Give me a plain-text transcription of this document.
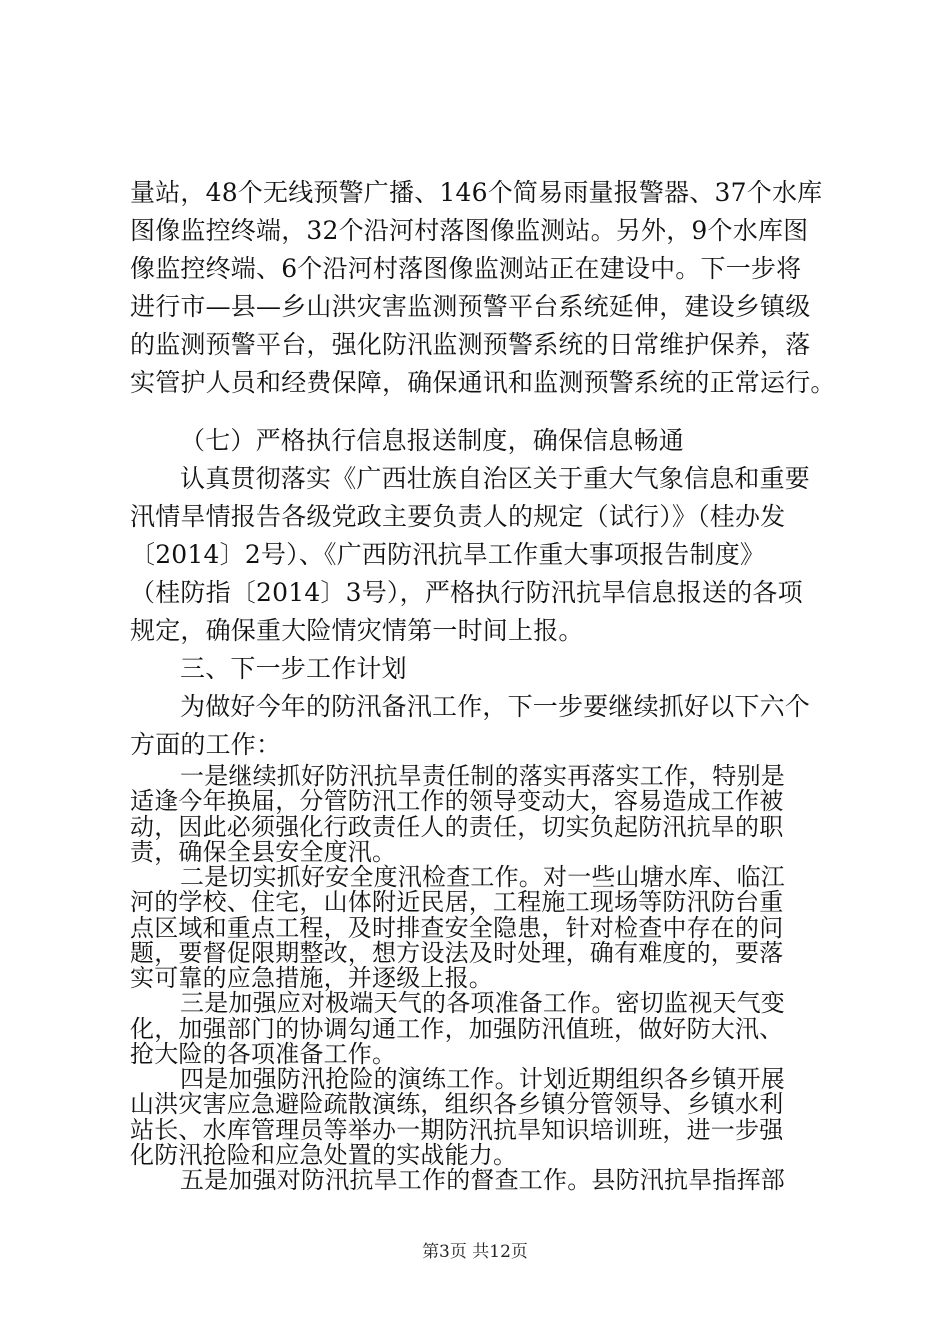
量站，48个无线预警广播、146个简易雨量报警器、37个水库
图像监控终端，32个沿河村落图像监测站。另外，9个水库图
像监控终端、6个沿河村落图像监测站正在建设中。下一步将
进行市—县—乡山洪灾害监测预警平台系统延伸，建设乡镇级
的监测预警平台，强化防汛监测预警系统的日常维护保养，落
实管护人员和经费保障，确保通讯和监测预警系统的正常运行。
（七）严格执行信息报送制度，确保信息畅通
认真贯彻落实《广西壮族自治区关于重大气象信息和重要
汛情旱情报告各级党政主要负责人的规定（试行）》（桂办发
〔2014〕2号）、《广西防汛抗旱工作重大事项报告制度》
（桂防指〔2014〕3号），严格执行防汛抗旱信息报送的各项
规定，确保重大险情灾情第一时间上报。
三、下一步工作计划
为做好今年的防汛备汛工作，下一步要继续抓好以下六个
方面的工作：
一是继续抓好防汛抗旱责任制的落实再落实工作，特别是
适逢今年换届，分管防汛工作的领导变动大，容易造成工作被
动，因此必须强化行政责任人的责任，切实负起防汛抗旱的职
责，确保全县安全度汛。
二是切实抓好安全度汛检查工作。对一些山塘水库、临江
河的学校、住宅，山体附近民居，工程施工现场等防汛防台重
点区域和重点工程，及时排查安全隐患，针对检查中存在的问
题，要督促限期整改，想方设法及时处理，确有难度的，要落
实可靠的应急措施，并逐级上报。
三是加强应对极端天气的各项准备工作。密切监视天气变
化，加强部门的协调勾通工作，加强防汛值班，做好防大汛、
抢大险的各项准备工作。
四是加强防汛抢险的演练工作。计划近期组织各乡镇开展
山洪灾害应急避险疏散演练，组织各乡镇分管领导、乡镇水利
站长、水库管理员等举办一期防汛抗旱知识培训班，进一步强
化防汛抢险和应急处置的实战能力。
五是加强对防汛抗旱工作的督查工作。县防汛抗旱指挥部
第3页 共12页
